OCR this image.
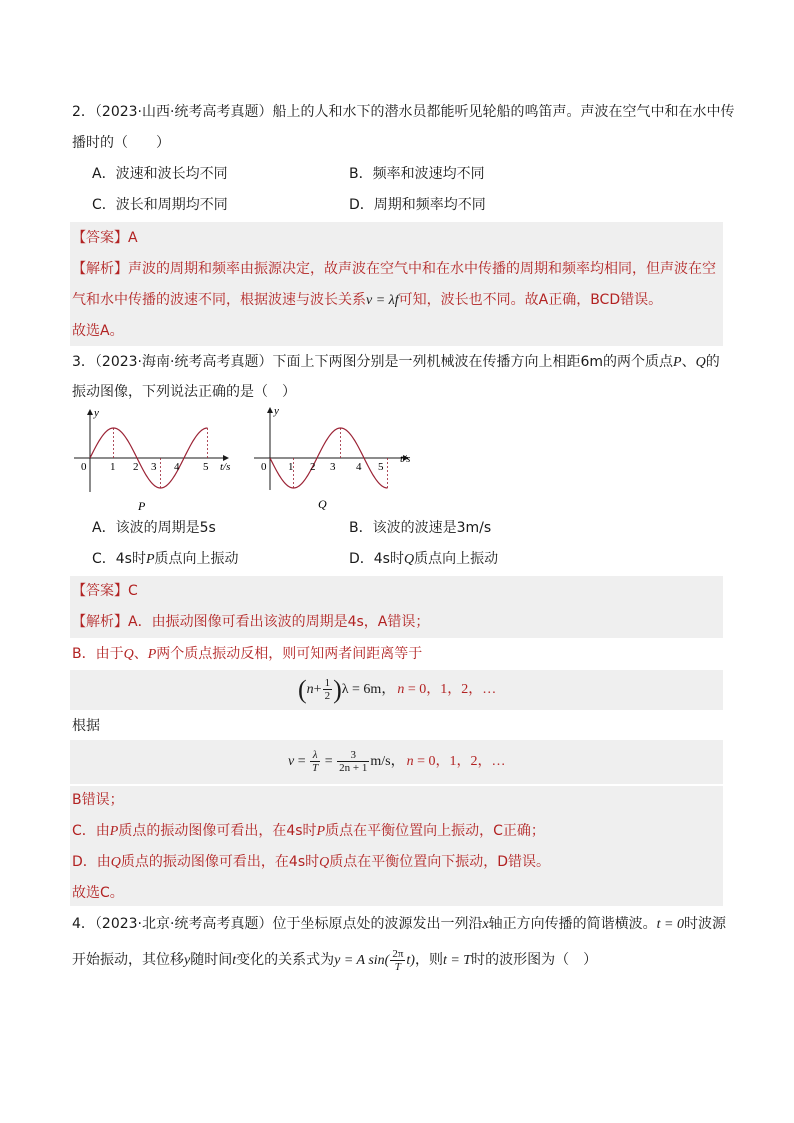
2．（2023·山西·统考高考真题）船上的人和水下的潜水员都能听见轮船的鸣笛声。声波在空气中和在水中传
播时的（　　）
A．波速和波长均不同	B．频率和波速均不同
C．波长和周期均不同	D．周期和频率均不同
【答案】A
【解析】声波的周期和频率由振源决定，故声波在空气中和在水中传播的周期和频率均相同，但声波在空
气和水中传播的波速不同，根据波速与波长关系v = λf可知，波长也不同。故A正确，BCD错误。
故选A。
3．（2023·海南·统考高考真题）下面上下两图分别是一列机械波在传播方向上相距6m的两个质点P、Q的
振动图像，下列说法正确的是（　）
y
t/s
0 1 2 3 4 5
P
y
t/s
0 1 2 3 4 5
Q
A．该波的周期是5s	B．该波的波速是3m/s
C．4s时P质点向上振动	D．4s时Q质点向上振动
【答案】C
【解析】A．由振动图像可看出该波的周期是4s，A错误；
B．由于Q、P两个质点振动反相，则可知两者间距离等于
$(n+ \frac{1}{2} )\lambda = 6m$， n = 0，1，2，…
根据
$v = \frac{\lambda}{T} = \frac{3}{2n + 1} m/s$， n = 0，1，2，…
B错误；
C．由P质点的振动图像可看出，在4s时P质点在平衡位置向上振动，C正确；
D．由Q质点的振动图像可看出，在4s时Q质点在平衡位置向下振动，D错误。
故选C。
4．（2023·北京·统考高考真题）位于坐标原点处的波源发出一列沿x轴正方向传播的简谐横波。t = 0时波源
开始振动，其位移y随时间t变化的关系式为y = A $\sin( \frac{2\pi}{T} t)$，则t = T时的波形图为（　）
